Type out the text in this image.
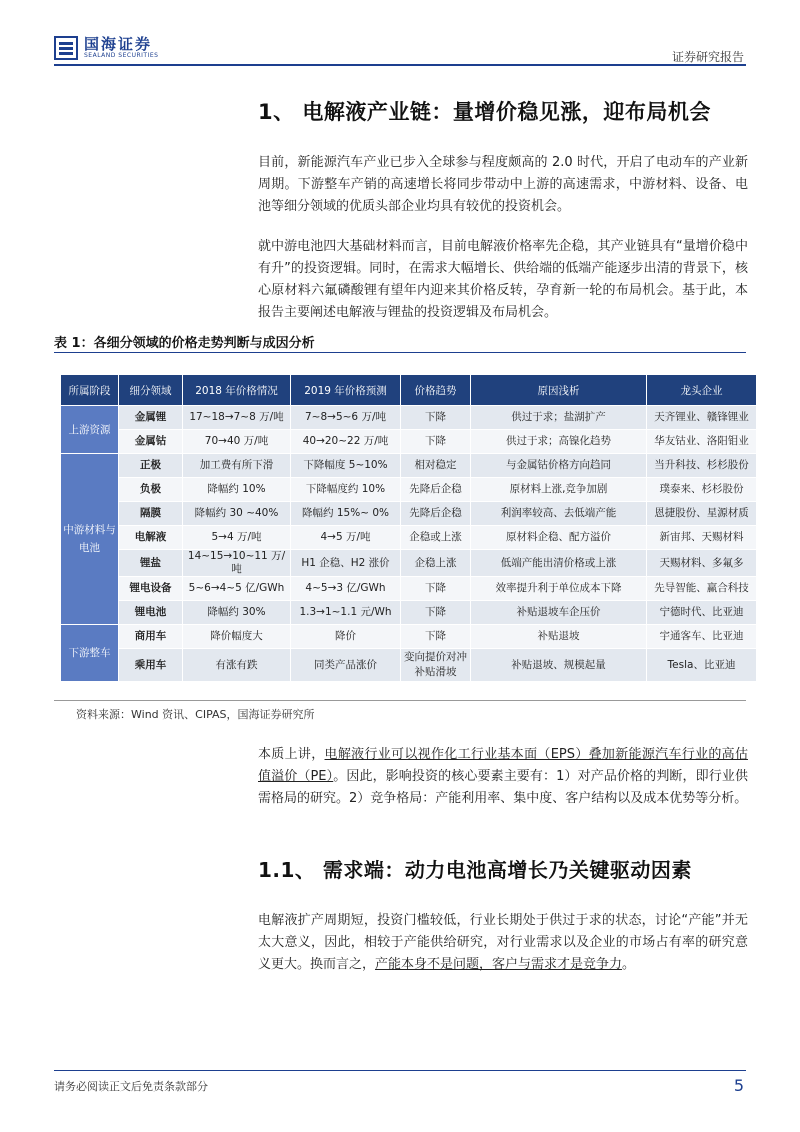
国海证券
SEALAND SECURITIES	证券研究报告
1、 电解液产业链：量增价稳见涨，迎布局机会
目前，新能源汽车产业已步入全球参与程度颇高的 2.0 时代，开启了电动车的产业新周期。下游整车产销的高速增长将同步带动中上游的高速需求，中游材料、设备、电池等细分领域的优质头部企业均具有较优的投资机会。
就中游电池四大基础材料而言，目前电解液价格率先企稳，其产业链具有“量增价稳中有升”的投资逻辑。同时，在需求大幅增长、供给端的低端产能逐步出清的背景下，核心原材料六氟磷酸锂有望年内迎来其价格反转，孕育新一轮的布局机会。基于此，本报告主要阐述电解液与锂盐的投资逻辑及布局机会。
表 1：各细分领域的价格走势判断与成因分析
所属阶段	细分领域	2018 年价格情况	2019 年价格预测	价格趋势	原因浅析	龙头企业
上游资源	金属锂	17~18→7~8 万/吨	7~8→5~6 万/吨	下降	供过于求；盐湖扩产	天齐锂业、赣锋锂业
	金属钴	70→40 万/吨	40→20~22 万/吨	下降	供过于求；高镍化趋势	华友钴业、洛阳钼业
中游材料与电池	正极	加工费有所下滑	下降幅度 5~10%	相对稳定	与金属钴价格方向趋同	当升科技、杉杉股份
	负极	降幅约 10%	下降幅度约 10%	先降后企稳	原材料上涨,竞争加剧	璞泰来、杉杉股份
	隔膜	降幅约 30 ~40%	降幅约 15%~ 0%	先降后企稳	利润率较高、去低端产能	恩捷股份、星源材质
	电解液	5→4 万/吨	4→5 万/吨	企稳或上涨	原材料企稳、配方溢价	新宙邦、天赐材料
	锂盐	14~15→10~11 万/吨	H1 企稳、H2 涨价	企稳上涨	低端产能出清价格或上涨	天赐材料、多氟多
	锂电设备	5~6→4~5 亿/GWh	4~5→3 亿/GWh	下降	效率提升利于单位成本下降	先导智能、赢合科技
	锂电池	降幅约 30%	1.3→1~1.1 元/Wh	下降	补贴退坡车企压价	宁德时代、比亚迪
下游整车	商用车	降价幅度大	降价	下降	补贴退坡	宇通客车、比亚迪
	乘用车	有涨有跌	同类产品涨价	变向提价对冲补贴滑坡	补贴退坡、规模起量	Tesla、比亚迪
资料来源：Wind 资讯、CIPAS，国海证券研究所
本质上讲，电解液行业可以视作化工行业基本面（EPS）叠加新能源汽车行业的高估值溢价（PE）。因此，影响投资的核心要素主要有：1）对产品价格的判断，即行业供需格局的研究。2）竞争格局：产能利用率、集中度、客户结构以及成本优势等分析。
1.1、 需求端：动力电池高增长乃关键驱动因素
电解液扩产周期短，投资门槛较低，行业长期处于供过于求的状态，讨论“产能”并无太大意义，因此，相较于产能供给研究，对行业需求以及企业的市场占有率的研究意义更大。换而言之，产能本身不是问题，客户与需求才是竞争力。
请务必阅读正文后免责条款部分	5
